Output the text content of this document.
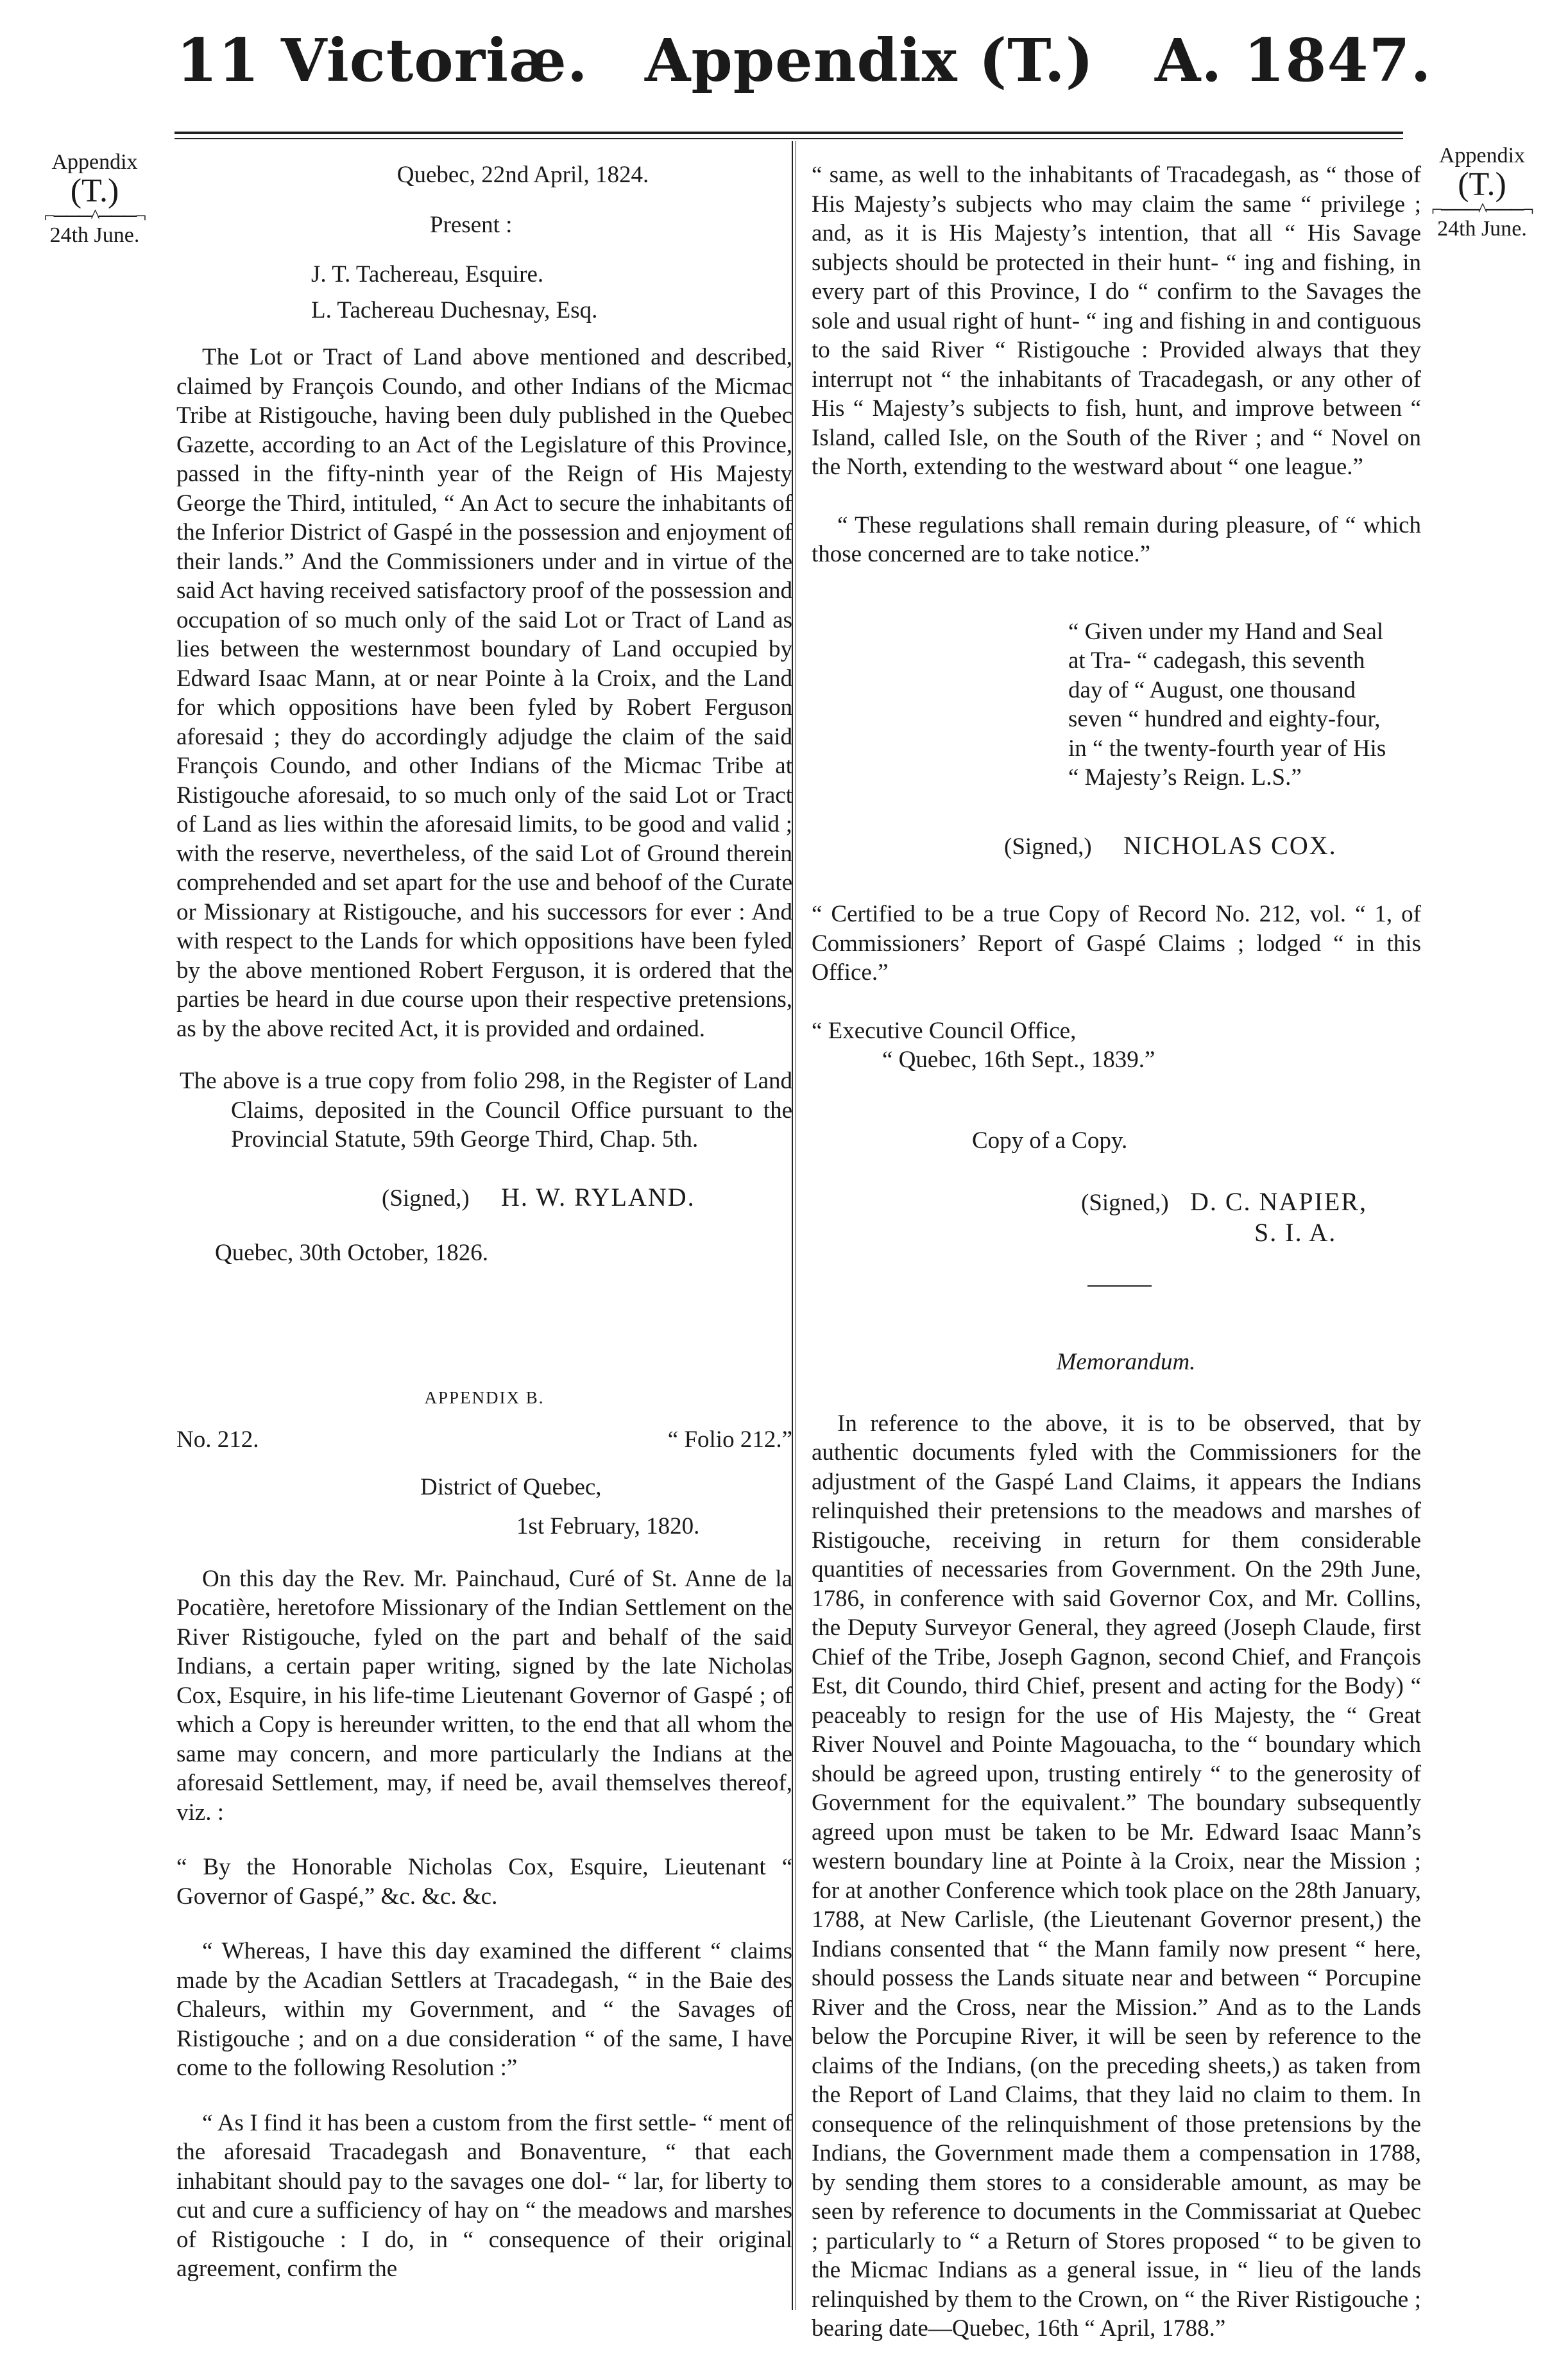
11 Victoriæ. Appendix (T.) A. 1847.
Appendix
(T.)
⌐───^───¬
24th June.
Appendix
(T.)
⌐───^───¬
24th June.

Quebec, 22nd April, 1824.

Present :

J. T. Tachereau, Esquire.

L. Tachereau Duchesnay, Esq.

The Lot or Tract of Land above mentioned and described, claimed by François Coundo, and other Indians of the Micmac Tribe at Ristigouche, having been duly published in the Quebec Gazette, according to an Act of the Legislature of this Province, passed in the fifty-ninth year of the Reign of His Majesty George the Third, intituled, “ An Act to secure the inhabitants of the Inferior District of Gaspé in the possession and enjoyment of their lands.” And the Commissioners under and in virtue of the said Act having received satisfactory proof of the possession and occupation of so much only of the said Lot or Tract of Land as lies between the westernmost boundary of Land occupied by Edward Isaac Mann, at or near Pointe à la Croix, and the Land for which oppositions have been fyled by Robert Ferguson aforesaid ; they do accordingly adjudge the claim of the said François Coundo, and other Indians of the Micmac Tribe at Ristigouche aforesaid, to so much only of the said Lot or Tract of Land as lies within the aforesaid limits, to be good and valid ; with the reserve, nevertheless, of the said Lot of Ground therein comprehended and set apart for the use and behoof of the Curate or Missionary at Ristigouche, and his successors for ever : And with respect to the Lands for which oppositions have been fyled by the above mentioned Robert Ferguson, it is ordered that the parties be heard in due course upon their respective pretensions, as by the above recited Act, it is provided and ordained.

The above is a true copy from folio 298, in the Register of Land Claims, deposited in the Council Office pursuant to the Provincial Statute, 59th George Third, Chap. 5th.

(Signed,) H. W. RYLAND.

Quebec, 30th October, 1826.

APPENDIX B.

No. 212.	“ Folio 212.”

District of Quebec,

1st February, 1820.

On this day the Rev. Mr. Painchaud, Curé of St. Anne de la Pocatière, heretofore Missionary of the Indian Settlement on the River Ristigouche, fyled on the part and behalf of the said Indians, a certain paper writing, signed by the late Nicholas Cox, Esquire, in his life-time Lieutenant Governor of Gaspé ; of which a Copy is hereunder written, to the end that all whom the same may concern, and more particularly the Indians at the aforesaid Settlement, may, if need be, avail themselves thereof, viz. :

“ By the Honorable Nicholas Cox, Esquire, Lieutenant “ Governor of Gaspé,” &c. &c. &c.

“ Whereas, I have this day examined the different “ claims made by the Acadian Settlers at Tracadegash, “ in the Baie des Chaleurs, within my Government, and “ the Savages of Ristigouche ; and on a due consideration “ of the same, I have come to the following Resolution :”

“ As I find it has been a custom from the first settle- “ ment of the aforesaid Tracadegash and Bonaventure, “ that each inhabitant should pay to the savages one dol- “ lar, for liberty to cut and cure a sufficiency of hay on “ the meadows and marshes of Ristigouche : I do, in “ consequence of their original agreement, confirm the

“ same, as well to the inhabitants of Tracadegash, as “ those of His Majesty’s subjects who may claim the same “ privilege ; and, as it is His Majesty’s intention, that all “ His Savage subjects should be protected in their hunt- “ ing and fishing, in every part of this Province, I do “ confirm to the Savages the sole and usual right of hunt- “ ing and fishing in and contiguous to the said River “ Ristigouche : Provided always that they interrupt not “ the inhabitants of Tracadegash, or any other of His “ Majesty’s subjects to fish, hunt, and improve between “ Island, called Isle, on the South of the River ; and “ Novel on the North, extending to the westward about “ one league.”

“ These regulations shall remain during pleasure, of “ which those concerned are to take notice.”

“ Given under my Hand and Seal at Tra- “ cadegash, this seventh day of “ August, one thousand seven “ hundred and eighty-four, in “ the twenty-fourth year of His “ Majesty’s Reign. L.S.”

(Signed,) NICHOLAS COX.

“ Certified to be a true Copy of Record No. 212, vol. “ 1, of Commissioners’ Report of Gaspé Claims ; lodged “ in this Office.”

“ Executive Council Office,

“ Quebec, 16th Sept., 1839.”

Copy of a Copy.

(Signed,) D. C. NAPIER,

S. I. A.

Memorandum.

In reference to the above, it is to be observed, that by authentic documents fyled with the Commissioners for the adjustment of the Gaspé Land Claims, it appears the Indians relinquished their pretensions to the meadows and marshes of Ristigouche, receiving in return for them considerable quantities of necessaries from Government. On the 29th June, 1786, in conference with said Governor Cox, and Mr. Collins, the Deputy Surveyor General, they agreed (Joseph Claude, first Chief of the Tribe, Joseph Gagnon, second Chief, and François Est, dit Coundo, third Chief, present and acting for the Body) “ peaceably to resign for the use of His Majesty, the “ Great River Nouvel and Pointe Magouacha, to the “ boundary which should be agreed upon, trusting entirely “ to the generosity of Government for the equivalent.” The boundary subsequently agreed upon must be taken to be Mr. Edward Isaac Mann’s western boundary line at Pointe à la Croix, near the Mission ; for at another Conference which took place on the 28th January, 1788, at New Carlisle, (the Lieutenant Governor present,) the Indians consented that “ the Mann family now present “ here, should possess the Lands situate near and between “ Porcupine River and the Cross, near the Mission.” And as to the Lands below the Porcupine River, it will be seen by reference to the claims of the Indians, (on the preceding sheets,) as taken from the Report of Land Claims, that they laid no claim to them. In consequence of the relinquishment of those pretensions by the Indians, the Government made them a compensation in 1788, by sending them stores to a considerable amount, as may be seen by reference to documents in the Commissariat at Quebec ; particularly to “ a Return of Stores proposed “ to be given to the Micmac Indians as a general issue, in “ lieu of the lands relinquished by them to the Crown, on “ the River Ristigouche ; bearing date—Quebec, 16th “ April, 1788.”
